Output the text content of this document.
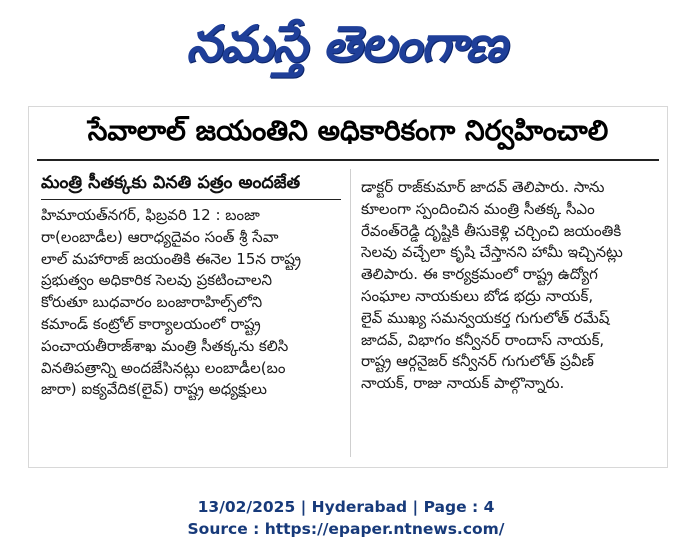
నమస్తే తెలంగాణ
సేవాలాల్ జయంతిని అధికారికంగా నిర్వహించాలి
మంత్రి సీతక్కకు వినతి పత్రం అందజేత
హిమాయత్‌నగర్, ఫిబ్రవరి 12 : బంజా
రా(లంబాడీల) ఆరాధ్యదైవం సంత్ శ్రీ సేవా
లాల్ మహారాజ్ జయంతికి ఈనెల 15న రాష్ట్ర
ప్రభుత్వం అధికారిక సెలవు ప్రకటించాలని
కోరుతూ బుధవారం బంజారాహిల్స్‌లోని
కమాండ్ కంట్రోల్ కార్యాలయంలో రాష్ట్ర
పంచాయతీరాజ్‌శాఖ మంత్రి సీతక్కను కలిసి
వినతిపత్రాన్ని అందజేసినట్లు లంబాడీల(బం
జారా) ఐక్యవేదిక(లైవ్) రాష్ట్ర అధ్యక్షులు
డాక్టర్ రాజ్‌కుమార్ జాదవ్ తెలిపారు. సాను
కూలంగా స్పందించిన మంత్రి సీతక్క సీఎం
రేవంత్‌రెడ్డి దృష్టికి తీసుకెళ్లి చర్చించి జయంతికి
సెలవు వచ్చేలా కృషి చేస్తానని హామీ ఇచ్చినట్లు
తెలిపారు. ఈ కార్యక్రమంలో రాష్ట్ర ఉద్యోగ
సంఘాల నాయకులు బోడ భద్రు నాయక్,
లైవ్ ముఖ్య సమన్వయకర్త గుగులోత్ రమేష్
జాదవ్, విభాగం కన్వీనర్ రాందాస్ నాయక్,
రాష్ట్ర ఆర్గనైజర్ కన్వీనర్ గుగులోత్ ప్రవీణ్
నాయక్, రాజు నాయక్ పాల్గొన్నారు.
13/02/2025 | Hyderabad | Page : 4
Source : https://epaper.ntnews.com/
